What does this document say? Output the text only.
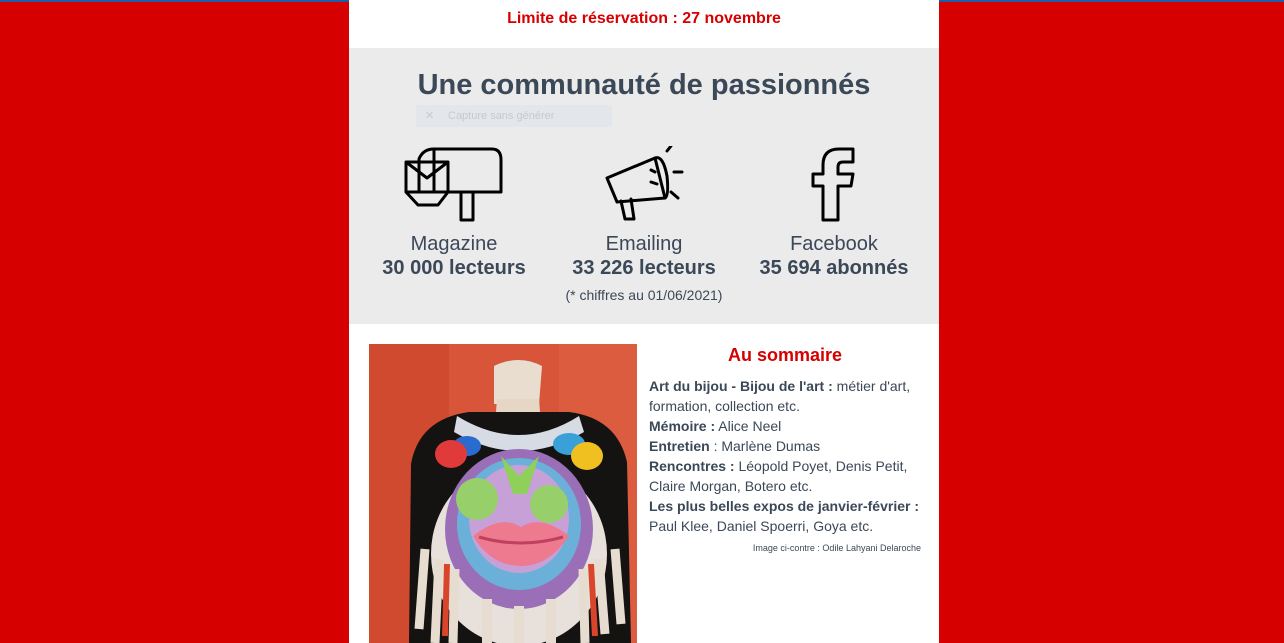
Limite de réservation : 27 novembre
Une communauté de passionnés
✕ Capture sans générer
Magazine
30 000 lecteurs
Emailing
33 226 lecteurs
Facebook
35 694 abonnés
(* chiffres au 01/06/2021)
Au sommaire

Art du bijou - Bijou de l'art : métier d'art, formation, collection etc.

Mémoire : Alice Neel

Entretien : Marlène Dumas

Rencontres : Léopold Poyet, Denis Petit, Claire Morgan, Botero etc.

Les plus belles expos de janvier-février : Paul Klee, Daniel Spoerri, Goya etc.

Image ci-contre : Odile Lahyani Delaroche
